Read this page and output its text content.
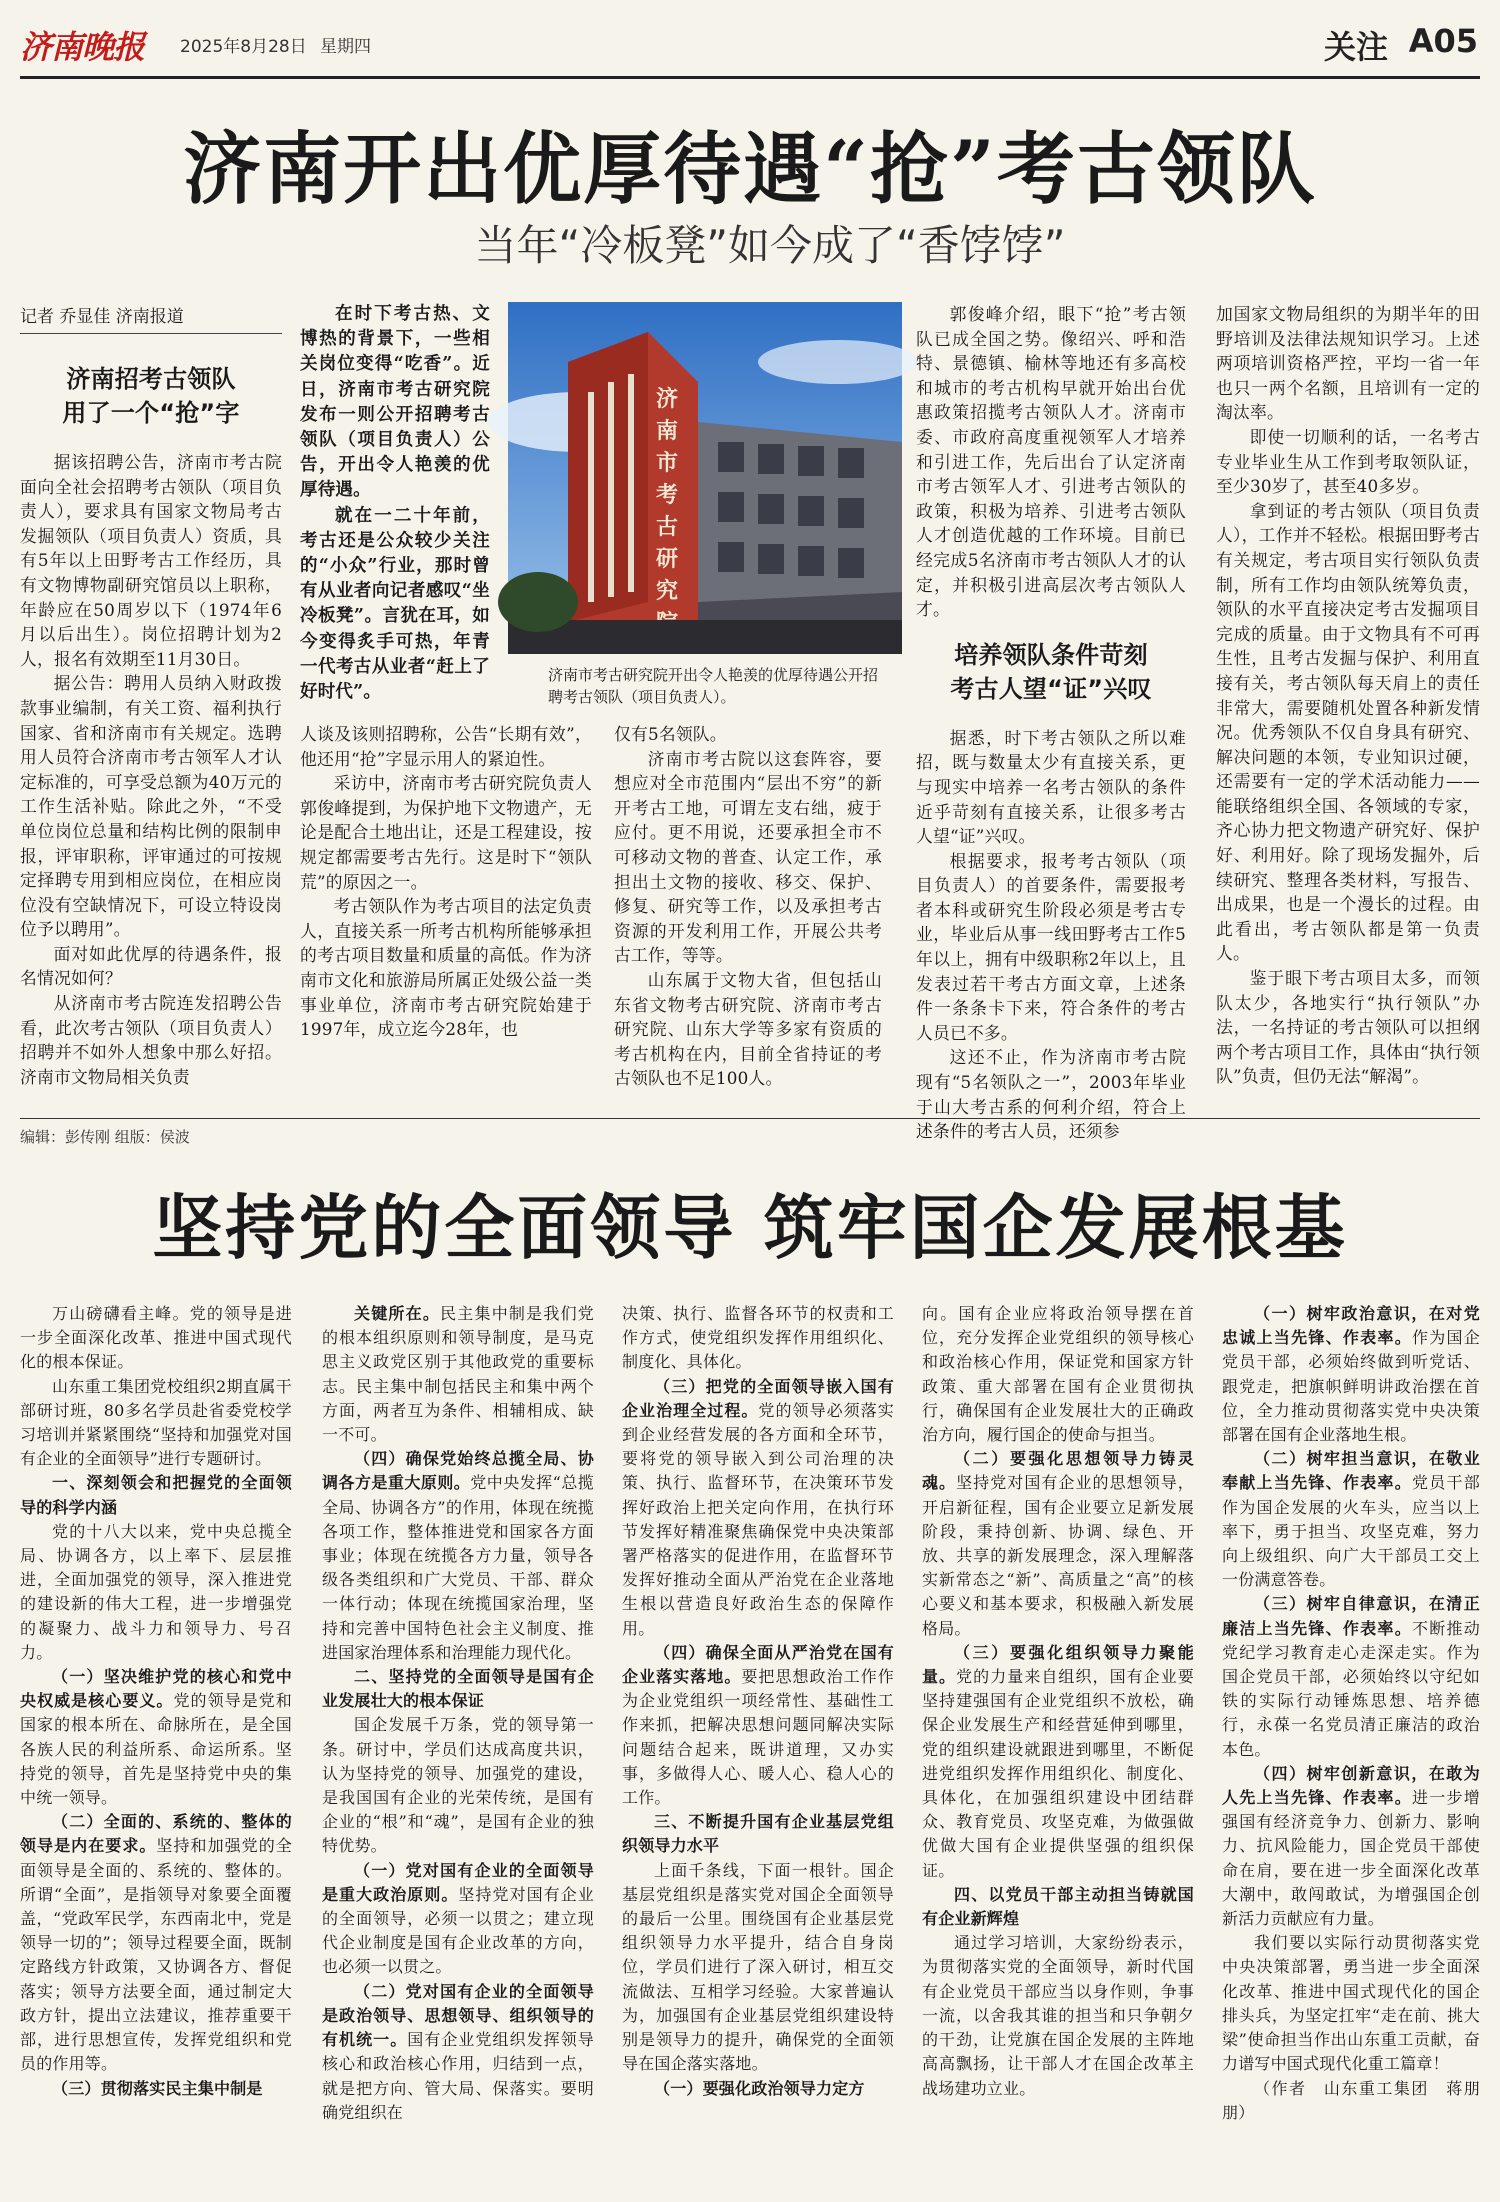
济南晚报 2025年8月28日 星期四	关注 A05
济南开出优厚待遇“抢”考古领队
当年“冷板凳”如今成了“香饽饽”
记者 乔显佳 济南报道
济南招考古领队
用了一个“抢”字

据该招聘公告，济南市考古院面向全社会招聘考古领队（项目负责人），要求具有国家文物局考古发掘领队（项目负责人）资质，具有5年以上田野考古工作经历，具有文物博物副研究馆员以上职称，年龄应在50周岁以下（1974年6月以后出生）。岗位招聘计划为2人，报名有效期至11月30日。

据公告：聘用人员纳入财政拨款事业编制，有关工资、福利执行国家、省和济南市有关规定。选聘用人员符合济南市考古领军人才认定标准的，可享受总额为40万元的工作生活补贴。除此之外，“不受单位岗位总量和结构比例的限制申报，评审职称，评审通过的可按规定择聘专用到相应岗位，在相应岗位没有空缺情况下，可设立特设岗位予以聘用”。

面对如此优厚的待遇条件，报名情况如何？

从济南市考古院连发招聘公告看，此次考古领队（项目负责人）招聘并不如外人想象中那么好招。济南市文物局相关负责

在时下考古热、文博热的背景下，一些相关岗位变得“吃香”。近日，济南市考古研究院发布一则公开招聘考古领队（项目负责人）公告，开出令人艳羡的优厚待遇。

就在一二十年前，考古还是公众较少关注的“小众”行业，那时曾有从业者向记者感叹“坐冷板凳”。言犹在耳，如今变得炙手可热，年青一代考古从业者“赶上了好时代”。

济
南
市
考
古
研
究
济南市考古研究院开出令人艳羡的优厚待遇公开招聘考古领队（项目负责人）。

人谈及该则招聘称，公告“长期有效”，他还用“抢”字显示用人的紧迫性。

采访中，济南市考古研究院负责人郭俊峰提到，为保护地下文物遗产，无论是配合土地出让，还是工程建设，按规定都需要考古先行。这是时下“领队荒”的原因之一。

考古领队作为考古项目的法定负责人，直接关系一所考古机构所能够承担的考古项目数量和质量的高低。作为济南市文化和旅游局所属正处级公益一类事业单位，济南市考古研究院始建于1997年，成立迄今28年，也

仅有5名领队。

济南市考古院以这套阵容，要想应对全市范围内“层出不穷”的新开考古工地，可谓左支右绌，疲于应付。更不用说，还要承担全市不可移动文物的普查、认定工作，承担出土文物的接收、移交、保护、修复、研究等工作，以及承担考古资源的开发利用工作，开展公共考古工作，等等。

山东属于文物大省，但包括山东省文物考古研究院、济南市考古研究院、山东大学等多家有资质的考古机构在内，目前全省持证的考古领队也不足100人。

郭俊峰介绍，眼下“抢”考古领队已成全国之势。像绍兴、呼和浩特、景德镇、榆林等地还有多高校和城市的考古机构早就开始出台优惠政策招揽考古领队人才。济南市委、市政府高度重视领军人才培养和引进工作，先后出台了认定济南市考古领军人才、引进考古领队的政策，积极为培养、引进考古领队人才创造优越的工作环境。目前已经完成5名济南市考古领队人才的认定，并积极引进高层次考古领队人才。

培养领队条件苛刻
考古人望“证”兴叹

据悉，时下考古领队之所以难招，既与数量太少有直接关系，更与现实中培养一名考古领队的条件近乎苛刻有直接关系，让很多考古人望“证”兴叹。

根据要求，报考考古领队（项目负责人）的首要条件，需要报考者本科或研究生阶段必须是考古专业，毕业后从事一线田野考古工作5年以上，拥有中级职称2年以上，且发表过若干考古方面文章，上述条件一条条卡下来，符合条件的考古人员已不多。

这还不止，作为济南市考古院现有“5名领队之一”，2003年毕业于山大考古系的何利介绍，符合上述条件的考古人员，还须参

加国家文物局组织的为期半年的田野培训及法律法规知识学习。上述两项培训资格严控，平均一省一年也只一两个名额，且培训有一定的淘汰率。

即使一切顺利的话，一名考古专业毕业生从工作到考取领队证，至少30岁了，甚至40多岁。

拿到证的考古领队（项目负责人），工作并不轻松。根据田野考古有关规定，考古项目实行领队负责制，所有工作均由领队统筹负责，领队的水平直接决定考古发掘项目完成的质量。由于文物具有不可再生性，且考古发掘与保护、利用直接有关，考古领队每天肩上的责任非常大，需要随机处置各种新发情况。优秀领队不仅自身具有研究、解决问题的本领，专业知识过硬，还需要有一定的学术活动能力——能联络组织全国、各领域的专家，齐心协力把文物遗产研究好、保护好、利用好。除了现场发掘外，后续研究、整理各类材料，写报告、出成果，也是一个漫长的过程。由此看出，考古领队都是第一负责人。

鉴于眼下考古项目太多，而领队太少，各地实行“执行领队”办法，一名持证的考古领队可以担纲两个考古项目工作，具体由“执行领队”负责，但仍无法“解渴”。

编辑：彭传刚 组版：侯波
坚持党的全面领导 筑牢国企发展根基

万山磅礴看主峰。党的领导是进一步全面深化改革、推进中国式现代化的根本保证。

山东重工集团党校组织2期直属干部研讨班，80多名学员赴省委党校学习培训并紧紧围绕“坚持和加强党对国有企业的全面领导”进行专题研讨。

一、深刻领会和把握党的全面领导的科学内涵

党的十八大以来，党中央总揽全局、协调各方，以上率下、层层推进，全面加强党的领导，深入推进党的建设新的伟大工程，进一步增强党的凝聚力、战斗力和领导力、号召力。

（一）坚决维护党的核心和党中央权威是核心要义。党的领导是党和国家的根本所在、命脉所在，是全国各族人民的利益所系、命运所系。坚持党的领导，首先是坚持党中央的集中统一领导。

（二）全面的、系统的、整体的领导是内在要求。坚持和加强党的全面领导是全面的、系统的、整体的。所谓“全面”，是指领导对象要全面覆盖，“党政军民学，东西南北中，党是领导一切的”；领导过程要全面，既制定路线方针政策，又协调各方、督促落实；领导方法要全面，通过制定大政方针，提出立法建议，推荐重要干部，进行思想宣传，发挥党组织和党员的作用等。

（三）贯彻落实民主集中制是

关键所在。民主集中制是我们党的根本组织原则和领导制度，是马克思主义政党区别于其他政党的重要标志。民主集中制包括民主和集中两个方面，两者互为条件、相辅相成、缺一不可。

（四）确保党始终总揽全局、协调各方是重大原则。党中央发挥“总揽全局、协调各方”的作用，体现在统揽各项工作，整体推进党和国家各方面事业；体现在统揽各方力量，领导各级各类组织和广大党员、干部、群众一体行动；体现在统揽国家治理，坚持和完善中国特色社会主义制度、推进国家治理体系和治理能力现代化。

二、坚持党的全面领导是国有企业发展壮大的根本保证

国企发展千万条，党的领导第一条。研讨中，学员们达成高度共识，认为坚持党的领导、加强党的建设，是我国国有企业的光荣传统，是国有企业的“根”和“魂”，是国有企业的独特优势。

（一）党对国有企业的全面领导是重大政治原则。坚持党对国有企业的全面领导，必须一以贯之；建立现代企业制度是国有企业改革的方向，也必须一以贯之。

（二）党对国有企业的全面领导是政治领导、思想领导、组织领导的有机统一。国有企业党组织发挥领导核心和政治核心作用，归结到一点，就是把方向、管大局、保落实。要明确党组织在

决策、执行、监督各环节的权责和工作方式，使党组织发挥作用组织化、制度化、具体化。

（三）把党的全面领导嵌入国有企业治理全过程。党的领导必须落实到企业经营发展的各方面和全环节，要将党的领导嵌入到公司治理的决策、执行、监督环节，在决策环节发挥好政治上把关定向作用，在执行环节发挥好精准聚焦确保党中央决策部署严格落实的促进作用，在监督环节发挥好推动全面从严治党在企业落地生根以营造良好政治生态的保障作用。

（四）确保全面从严治党在国有企业落实落地。要把思想政治工作作为企业党组织一项经常性、基础性工作来抓，把解决思想问题同解决实际问题结合起来，既讲道理，又办实事，多做得人心、暖人心、稳人心的工作。

三、不断提升国有企业基层党组织领导力水平

上面千条线，下面一根针。国企基层党组织是落实党对国企全面领导的最后一公里。围绕国有企业基层党组织领导力水平提升，结合自身岗位，学员们进行了深入研讨，相互交流做法、互相学习经验。大家普遍认为，加强国有企业基层党组织建设特别是领导力的提升，确保党的全面领导在国企落实落地。

（一）要强化政治领导力定方

向。国有企业应将政治领导摆在首位，充分发挥企业党组织的领导核心和政治核心作用，保证党和国家方针政策、重大部署在国有企业贯彻执行，确保国有企业发展壮大的正确政治方向，履行国企的使命与担当。

（二）要强化思想领导力铸灵魂。坚持党对国有企业的思想领导，开启新征程，国有企业要立足新发展阶段，秉持创新、协调、绿色、开放、共享的新发展理念，深入理解落实新常态之“新”、高质量之“高”的核心要义和基本要求，积极融入新发展格局。

（三）要强化组织领导力聚能量。党的力量来自组织，国有企业要坚持建强国有企业党组织不放松，确保企业发展生产和经营延伸到哪里，党的组织建设就跟进到哪里，不断促进党组织发挥作用组织化、制度化、具体化，在加强组织建设中团结群众、教育党员、攻坚克难，为做强做优做大国有企业提供坚强的组织保证。

四、以党员干部主动担当铸就国有企业新辉煌

通过学习培训，大家纷纷表示，为贯彻落实党的全面领导，新时代国有企业党员干部应当以身作则，争事一流，以舍我其谁的担当和只争朝夕的干劲，让党旗在国企发展的主阵地高高飘扬，让干部人才在国企改革主战场建功立业。

（一）树牢政治意识，在对党忠诚上当先锋、作表率。作为国企党员干部，必须始终做到听党话、跟党走，把旗帜鲜明讲政治摆在首位，全力推动贯彻落实党中央决策部署在国有企业落地生根。

（二）树牢担当意识，在敬业奉献上当先锋、作表率。党员干部作为国企发展的火车头，应当以上率下，勇于担当、攻坚克难，努力向上级组织、向广大干部员工交上一份满意答卷。

（三）树牢自律意识，在清正廉洁上当先锋、作表率。不断推动党纪学习教育走心走深走实。作为国企党员干部，必须始终以守纪如铁的实际行动锤炼思想、培养德行，永葆一名党员清正廉洁的政治本色。

（四）树牢创新意识，在敢为人先上当先锋、作表率。进一步增强国有经济竞争力、创新力、影响力、抗风险能力，国企党员干部使命在肩，要在进一步全面深化改革大潮中，敢闯敢试，为增强国企创新活力贡献应有力量。

我们要以实际行动贯彻落实党中央决策部署，勇当进一步全面深化改革、推进中国式现代化的国企排头兵，为坚定扛牢“走在前、挑大梁”使命担当作出山东重工贡献，奋力谱写中国式现代化重工篇章！

（作者　山东重工集团　蒋朋朋）
